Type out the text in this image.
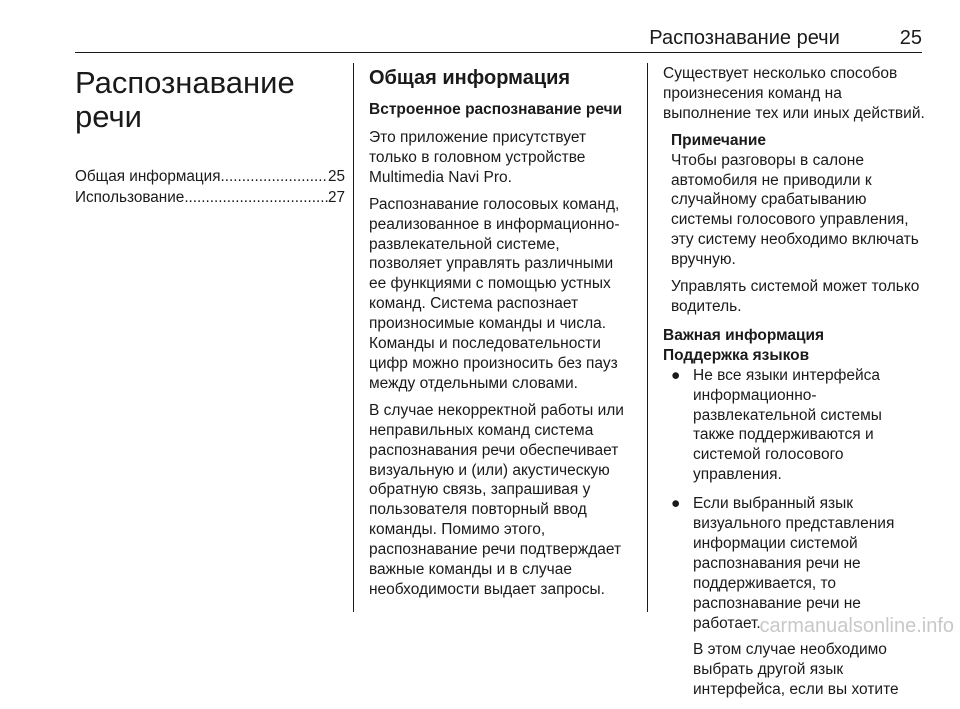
Распознавание речи	25
Распознавание
речи
Общая информация .....	25
Использование .....	27
Общая информация
Встроенное распознавание речи

Это приложение присутствует только в головном устройстве Multimedia Navi Pro.

Распознавание голосовых команд, реализованное в информационно-развлекательной системе, позволяет управлять различными ее функциями с помощью устных команд. Система распознает произносимые команды и числа. Команды и последовательности цифр можно произносить без пауз между отдельными словами.

В случае некорректной работы или неправильных команд система распознавания речи обеспечивает визуальную и (или) акустическую обратную связь, запрашивая у пользователя повторный ввод команды. Помимо этого, распознавание речи подтверждает важные команды и в случае необходимости выдает запросы.

Существует несколько способов произнесения команд на выполнение тех или иных действий.

Примечание

Чтобы разговоры в салоне автомобиля не приводили к случайному срабатыванию системы голосового управления, эту систему необходимо включать вручную.

Управлять системой может только водитель.

Важная информация
Поддержка языков
● Не все языки интерфейса информационно-развлекательной системы также поддерживаются и системой голосового управления.
● Если выбранный язык визуального представления информации системой распознавания речи не поддерживается, то распознавание речи не работает.
В этом случае необходимо выбрать другой язык интерфейса, если вы хотите
carmanualsonline.info
